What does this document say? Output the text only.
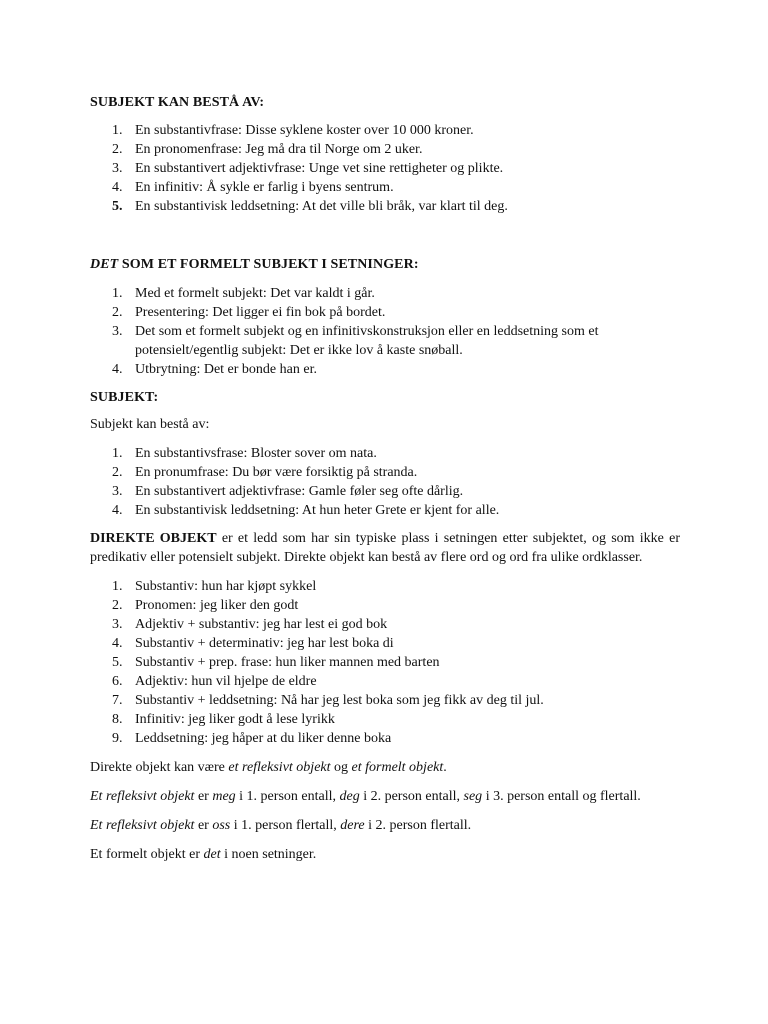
SUBJEKT KAN BESTÅ AV:
1. En substantivfrase: Disse syklene koster over 10 000 kroner.
2. En pronomenfrase: Jeg må dra til Norge om 2 uker.
3. En substantivert adjektivfrase: Unge vet sine rettigheter og plikte.
4. En infinitiv: Å sykle er farlig i byens sentrum.
5. En substantivisk leddsetning: At det ville bli bråk, var klart til deg.
DET SOM ET FORMELT SUBJEKT I SETNINGER:
1. Med et formelt subjekt: Det var kaldt i går.
2. Presentering: Det ligger ei fin bok på bordet.
3. Det som et formelt subjekt og en infinitivskonstruksjon eller en leddsetning som et potensielt/egentlig subjekt: Det er ikke lov å kaste snøball.
4. Utbrytning: Det er bonde han er.
SUBJEKT:

Subjekt kan bestå av:

1. En substantivsfrase: Bloster sover om nata.
2. En pronumfrase: Du bør være forsiktig på stranda.
3. En substantivert adjektivfrase: Gamle føler seg ofte dårlig.
4. En substantivisk leddsetning: At hun heter Grete er kjent for alle.

DIREKTE OBJEKT er et ledd som har sin typiske plass i setningen etter subjektet, og som ikke er predikativ eller potensielt subjekt. Direkte objekt kan bestå av flere ord og ord fra ulike ordklasser.

1. Substantiv: hun har kjøpt sykkel
2. Pronomen: jeg liker den godt
3. Adjektiv + substantiv: jeg har lest ei god bok
4. Substantiv + determinativ: jeg har lest boka di
5. Substantiv + prep. frase: hun liker mannen med barten
6. Adjektiv: hun vil hjelpe de eldre
7. Substantiv + leddsetning: Nå har jeg lest boka som jeg fikk av deg til jul.
8. Infinitiv: jeg liker godt å lese lyrikk
9. Leddsetning: jeg håper at du liker denne boka

Direkte objekt kan være et refleksivt objekt og et formelt objekt.

Et refleksivt objekt er meg i 1. person entall, deg i 2. person entall, seg i 3. person entall og flertall.

Et refleksivt objekt er oss i 1. person flertall, dere i 2. person flertall.

Et formelt objekt er det i noen setninger.
